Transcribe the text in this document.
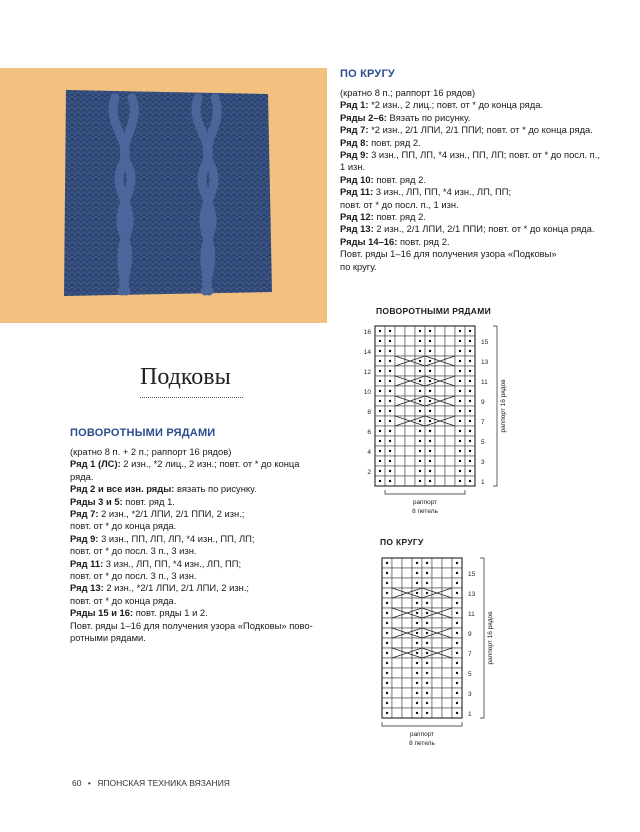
ПО КРУГУ
(кратно 8 п.; раппорт 16 рядов)
Ряд 1: *2 изн., 2 лиц.; повт. от * до конца ряда.
Ряды 2–6: Вязать по рисунку.
Ряд 7: *2 изн., 2/1 ЛПИ, 2/1 ППИ; повт. от * до конца ряда.
Ряд 8: повт. ряд 2.
Ряд 9: 3 изн., ПП, ЛП, *4 изн., ПП, ЛП; повт. от * до посл. п.,
1 изн.
Ряд 10: повт. ряд 2.
Ряд 11: 3 изн., ЛП, ПП, *4 изн., ЛП, ПП;
повт. от * до посл. п., 1 изн.
Ряд 12: повт. ряд 2.
Ряд 13: 2 изн., 2/1 ЛПИ, 2/1 ППИ; повт. от * до конца ряда.
Ряды 14–16: повт. ряд 2.
Повт. ряды 1–16 для получения узора «Подковы»
по кругу.
Подковы
ПОВОРОТНЫМИ РЯДАМИ
(кратно 8 п. + 2 п.; раппорт 16 рядов)
Ряд 1 (ЛС): 2 изн., *2 лиц., 2 изн.; повт. от * до конца
ряда.
Ряд 2 и все изн. ряды: вязать по рисунку.
Ряды 3 и 5: повт. ряд 1.
Ряд 7: 2 изн., *2/1 ЛПИ, 2/1 ППИ, 2 изн.;
повт. от * до конца ряда.
Ряд 9: 3 изн., ПП, ЛП, ЛП, *4 изн., ПП, ЛП;
повт. от * до посл. 3 п., 3 изн.
Ряд 11: 3 изн., ЛП, ПП, *4 изн., ЛП, ПП;
повт. от * до посл. 3 п., 3 изн.
Ряд 13: 2 изн., *2/1 ЛПИ, 2/1 ЛПИ, 2 изн.;
повт. от * до конца ряда.
Ряды 15 и 16: повт. ряды 1 и 2.
Повт. ряды 1–16 для получения узора «Подковы» пово-
ротными рядами.
ПОВОРОТНЫМИ РЯДАМИ
1
3
5
7
9
11
13
15
2
4
6
8
10
12
14
16
раппорт 16 рядов
раппорт
8 петель
ПО КРУГУ
1
3
5
7
9
11
13
15
раппорт 16 рядов
раппорт
8 петель
60 • ЯПОНСКАЯ ТЕХНИКА ВЯЗАНИЯ
